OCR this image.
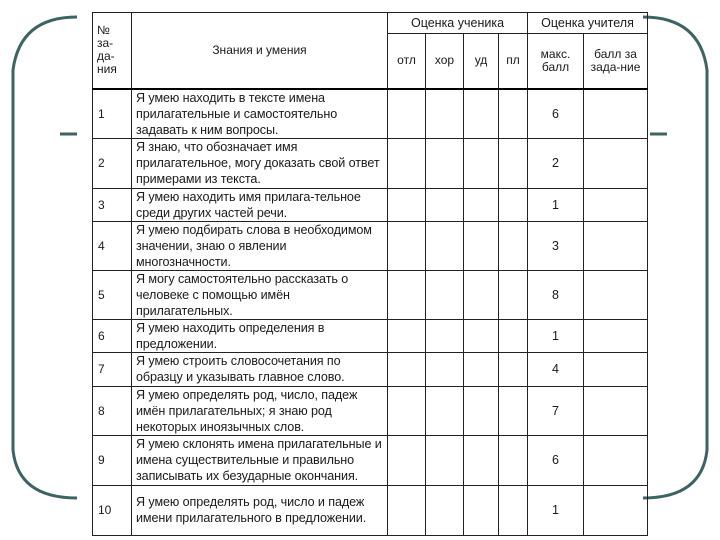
№ за-да-ния	Знания и умения	Оценка ученика				Оценка учителя	
		отл	хор	уд	пл	макс. балл	балл за зада-ние
1	Я умею находить в тексте имена прилагательные и самостоятельно задавать к ним вопросы.					6	
2	Я знаю, что обозначает имя прилагательное, могу доказать свой ответ примерами из текста.					2	
3	Я умею находить имя прилага-тельное среди других частей речи.					1	
4	Я умею подбирать слова в необходимом значении, знаю о явлении многозначности.					3	
5	Я могу самостоятельно рассказать о человеке с помощью имён прилагательных.					8	
6	Я умею находить определения в предложении.					1	
7	Я умею строить словосочетания по образцу и указывать главное слово.					4	
8	Я умею определять род, число, падеж имён прилагательных; я знаю род некоторых иноязычных слов.					7	
9	Я умею склонять имена прилагательные и имена существительные и правильно записывать их безударные окончания.					6	
10	Я умею определять род, число и падеж имени прилагательного в предложении.					1	
